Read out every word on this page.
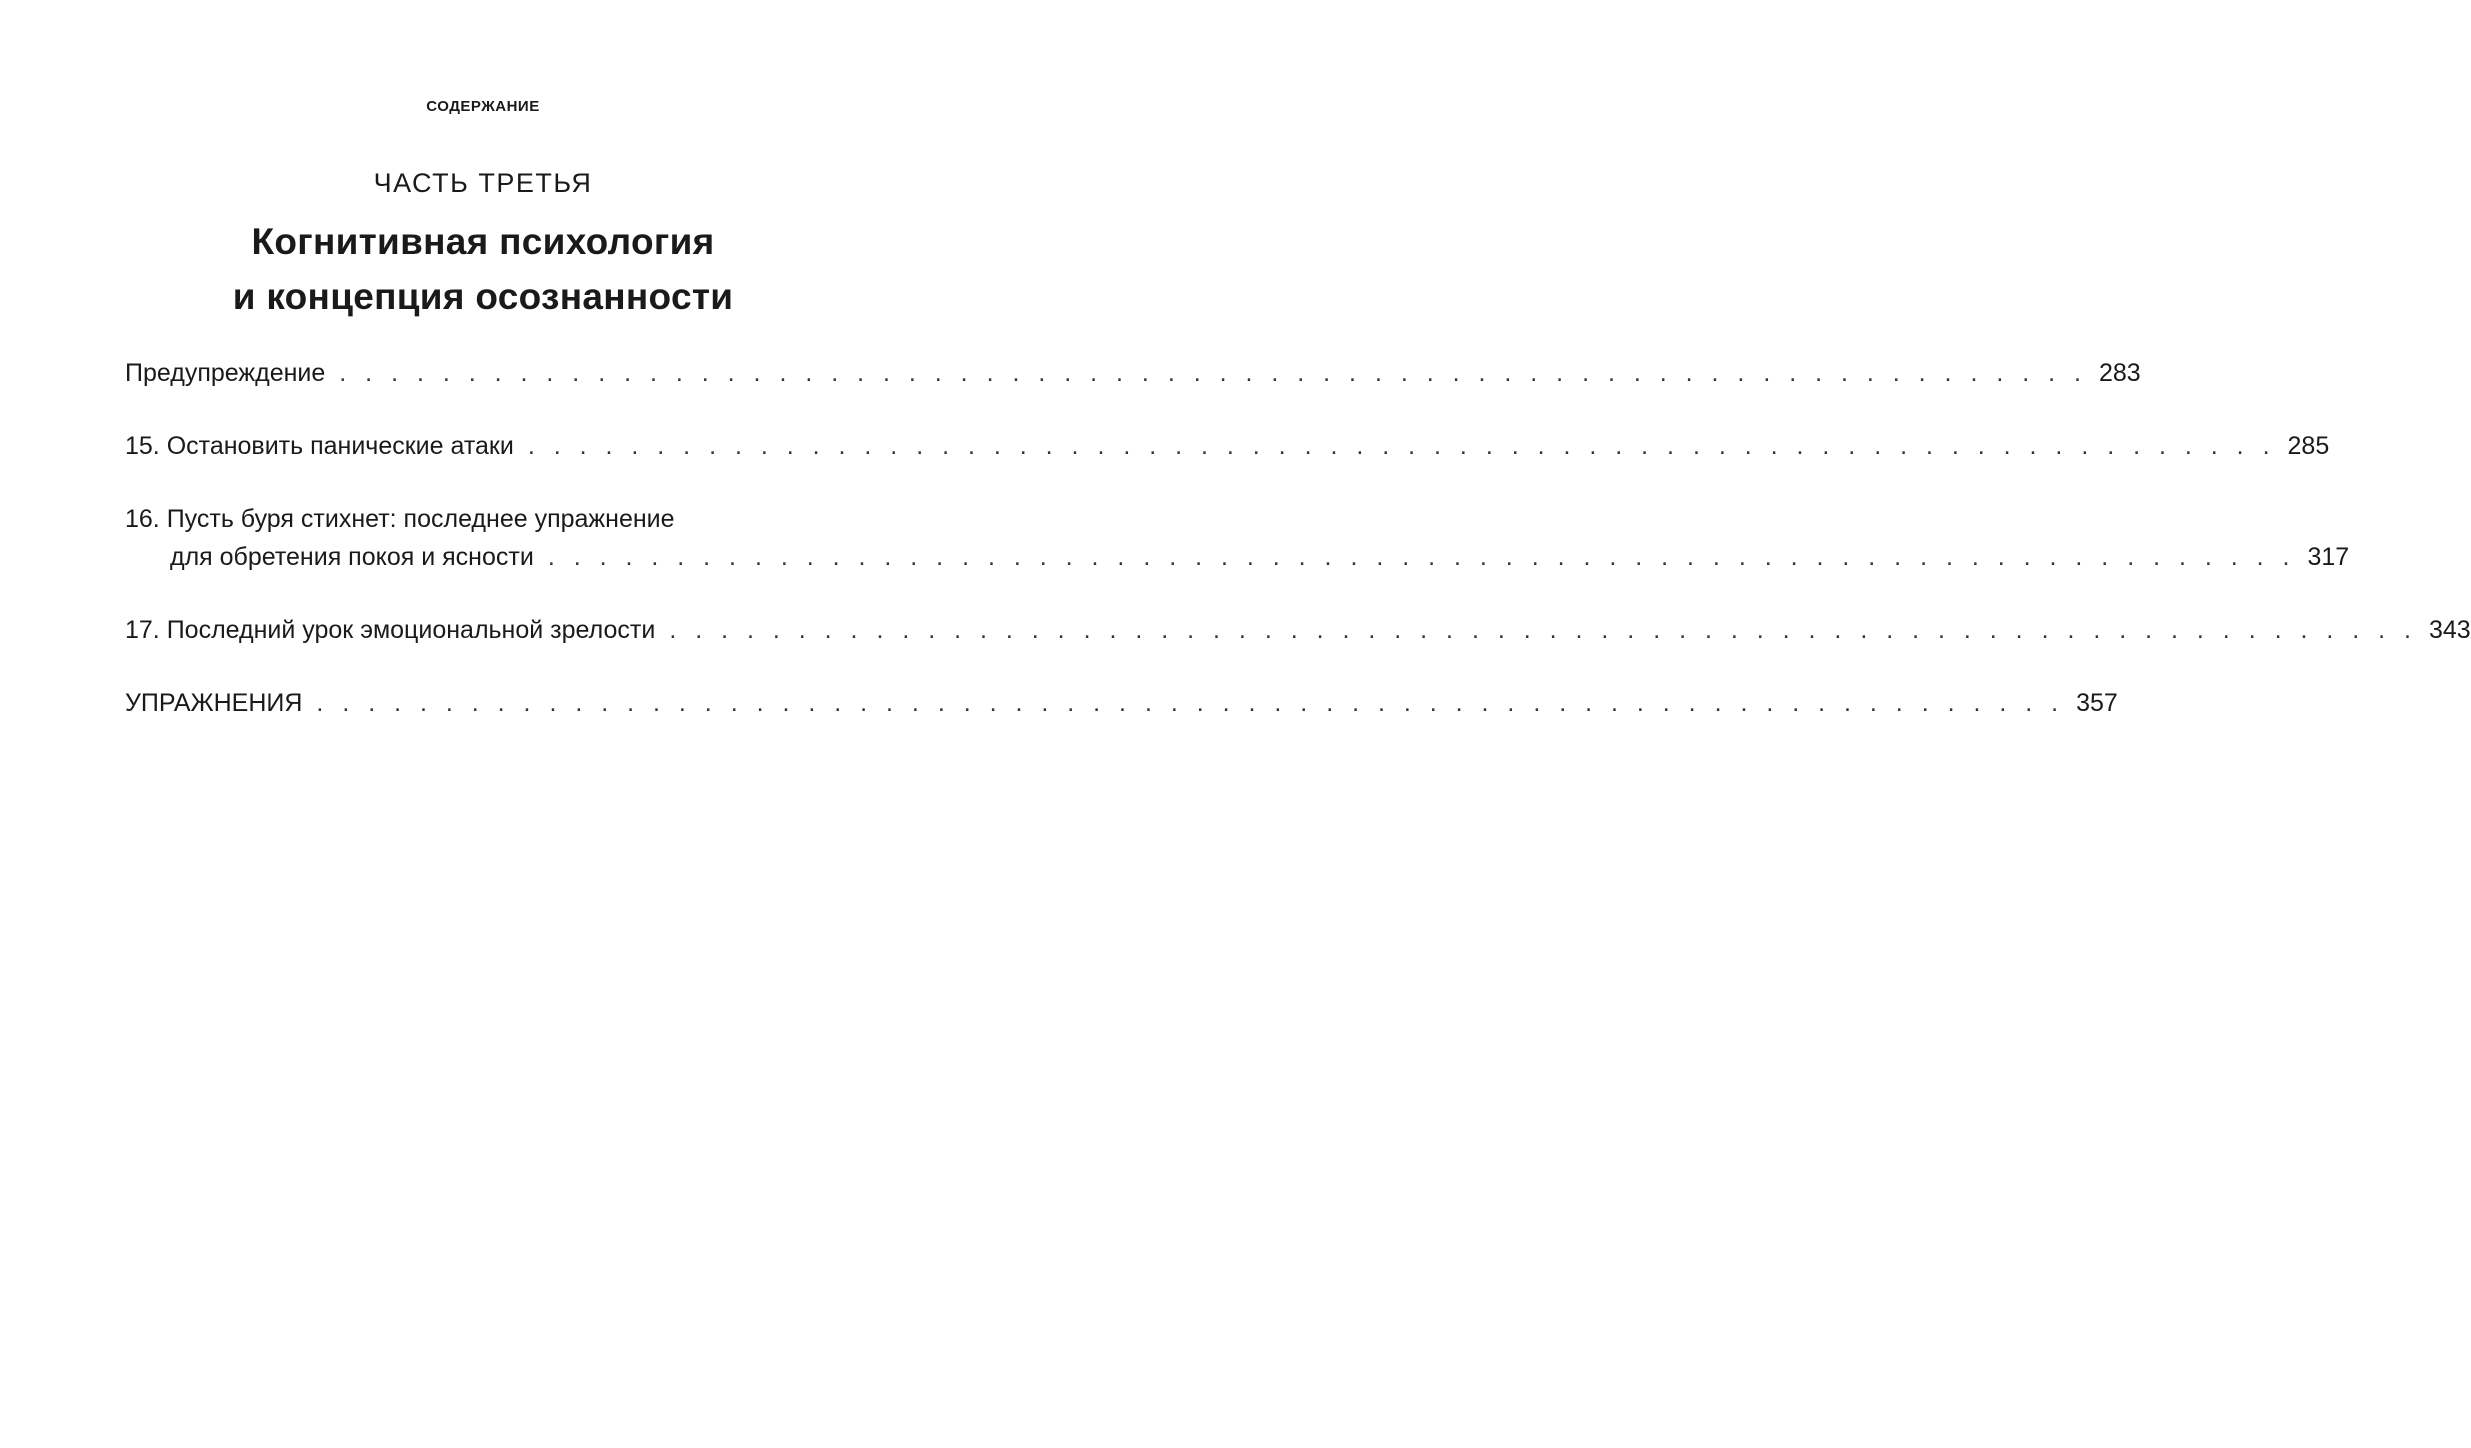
СОДЕРЖАНИЕ
ЧАСТЬ ТРЕТЬЯ
Когнитивная психология
и концепция осознанности
Предупреждение . . . . . . . . . . . . . . . . . . . . . . . . . . . . . . . . . . . . . . . . . . . . . . . . . . . . . . . . . . . . . . . . . . . . 283
15. Остановить панические атаки . . . . . . . . . . . . . . . . . . . . . . . . . . . . . . . . . . . . . . . . . . . . . . . . . . . . . . . . . . . . . . . . . . . . 285
16. Пусть буря стихнет: последнее упражнение
для обретения покоя и ясности . . . . . . . . . . . . . . . . . . . . . . . . . . . . . . . . . . . . . . . . . . . . . . . . . . . . . . . . . . . . . . . . . . . . 317
17. Последний урок эмоциональной зрелости . . . . . . . . . . . . . . . . . . . . . . . . . . . . . . . . . . . . . . . . . . . . . . . . . . . . . . . . . . . . . . . . . . . . 343
УПРАЖНЕНИЯ . . . . . . . . . . . . . . . . . . . . . . . . . . . . . . . . . . . . . . . . . . . . . . . . . . . . . . . . . . . . . . . . . . . . 357
